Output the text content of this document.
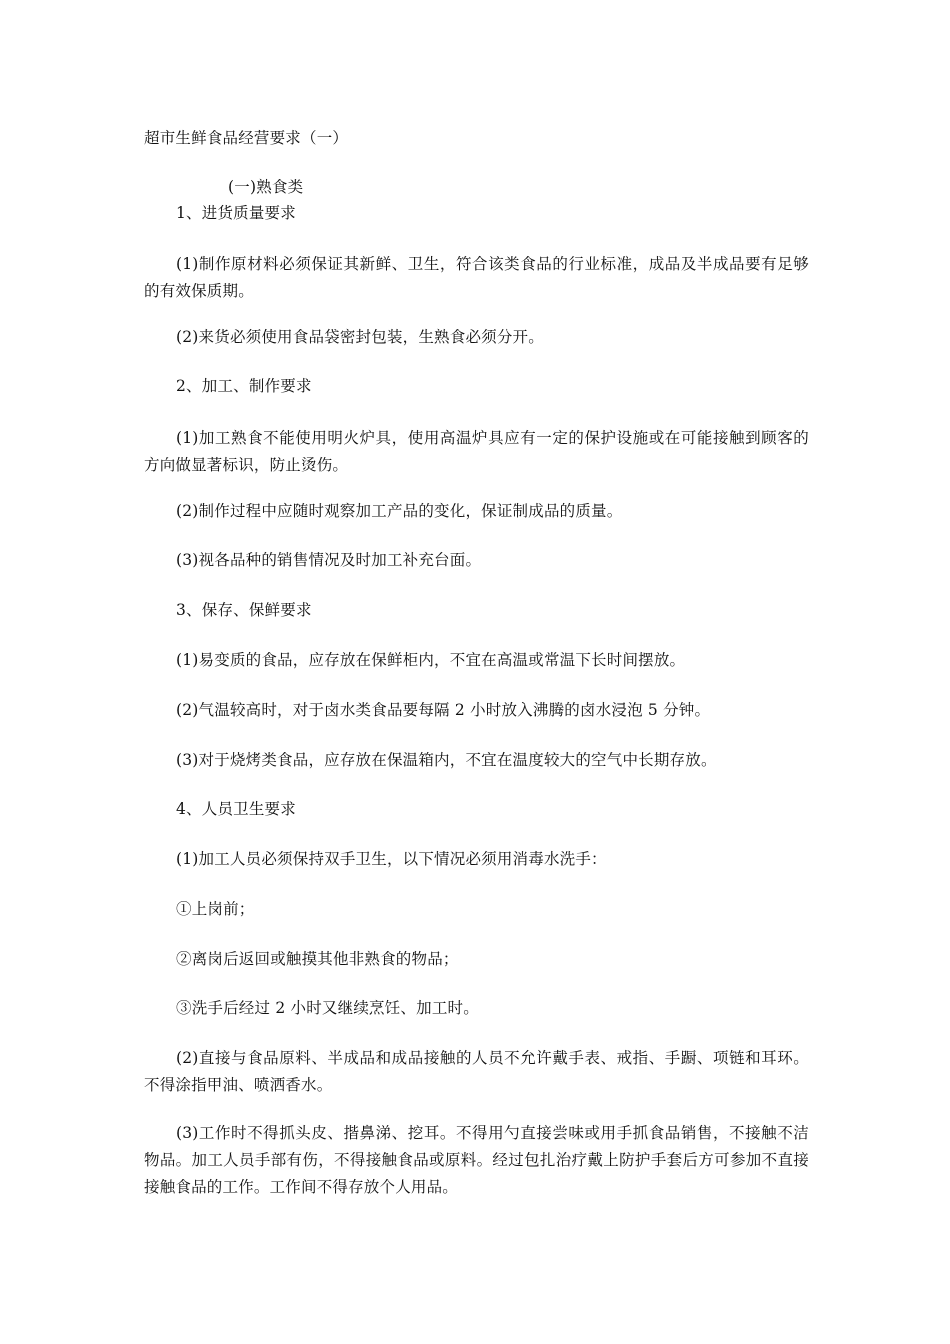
超市生鲜食品经营要求（一）
(一)熟食类
1、进货质量要求
(1)制作原材料必须保证其新鲜、卫生，符合该类食品的行业标准，成品及半成品要有足够的有效保质期。
(2)来货必须使用食品袋密封包装，生熟食必须分开。
2、加工、制作要求
(1)加工熟食不能使用明火炉具，使用高温炉具应有一定的保护设施或在可能接触到顾客的方向做显著标识，防止烫伤。
(2)制作过程中应随时观察加工产品的变化，保证制成品的质量。
(3)视各品种的销售情况及时加工补充台面。
3、保存、保鲜要求
(1)易变质的食品，应存放在保鲜柜内，不宜在高温或常温下长时间摆放。
(2)气温较高时，对于卤水类食品要每隔 2 小时放入沸腾的卤水浸泡 5 分钟。
(3)对于烧烤类食品，应存放在保温箱内，不宜在温度较大的空气中长期存放。
4、人员卫生要求
(1)加工人员必须保持双手卫生，以下情况必须用消毒水洗手：
①上岗前；
②离岗后返回或触摸其他非熟食的物品；
③洗手后经过 2 小时又继续烹饪、加工时。
(2)直接与食品原料、半成品和成品接触的人员不允许戴手表、戒指、手蹰、项链和耳环。不得涂指甲油、喷洒香水。
(3)工作时不得抓头皮、揩鼻涕、挖耳。不得用勺直接尝味或用手抓食品销售，不接触不洁物品。加工人员手部有伤，不得接触食品或原料。经过包扎治疗戴上防护手套后方可参加不直接接触食品的工作。工作间不得存放个人用品。
